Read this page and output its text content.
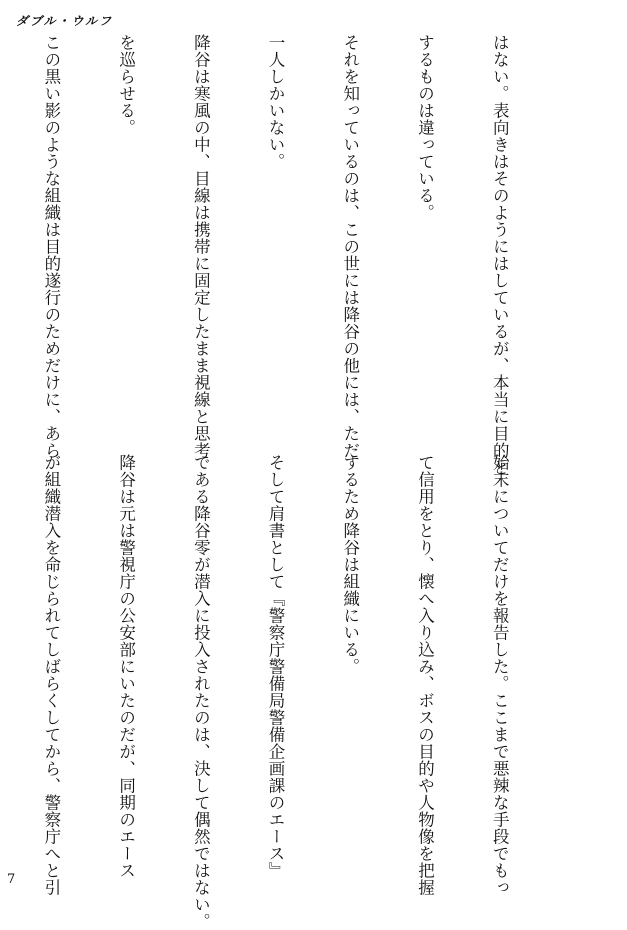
ダブル・ウルフ

はない。表向きはそのようにはしているが、本当に目的と

するものは違っている。

それを知っているのは、この世には降谷の他には、ただ

一人しかいない。

降谷は寒風の中、目線は携帯に固定したまま視線と思考

を巡らせる。

この黒い影のような組織は目的遂行のためだけに、あら

始末についてだけを報告した。ここまで悪辣な手段でもっ

て信用をとり、懐へ入り込み、ボスの目的や人物像を把握

するため降谷は組織にいる。

そして肩書として『警察庁警備局警備企画課のエース』

である降谷零が潜入に投入されたのは、決して偶然ではない。

降谷は元は警視庁の公安部にいたのだが、同期のエース

が組織潜入を命じられてしばらくしてから、警察庁へと引

7
